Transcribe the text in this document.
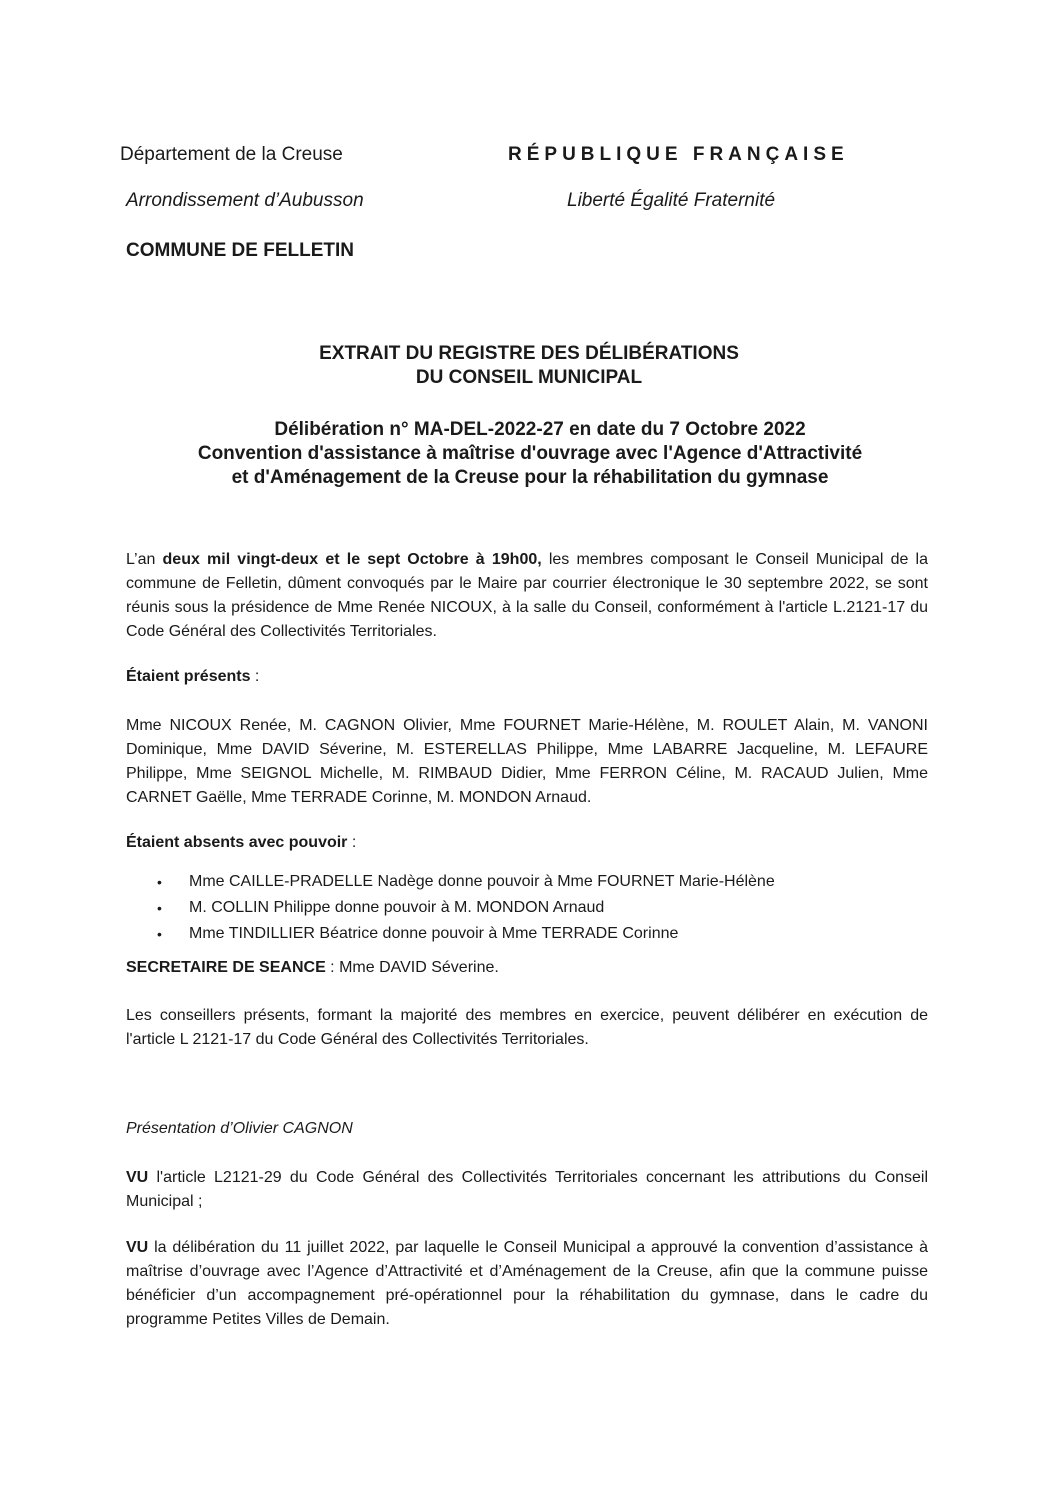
Département de la Creuse
Arrondissement d’Aubusson
COMMUNE DE FELLETIN
RÉPUBLIQUE FRANÇAISE
Liberté Égalité Fraternité
EXTRAIT DU REGISTRE DES DÉLIBÉRATIONS
DU CONSEIL MUNICIPAL
Délibération n° MA-DEL-2022-27 en date du 7 Octobre 2022
Convention d'assistance à maîtrise d'ouvrage avec l'Agence d'Attractivité
et d'Aménagement de la Creuse pour la réhabilitation du gymnase
L’an deux mil vingt-deux et le sept Octobre à 19h00, les membres composant le Conseil Municipal de la commune de Felletin, dûment convoqués par le Maire par courrier électronique le 30 septembre 2022, se sont réunis sous la présidence de Mme Renée NICOUX, à la salle du Conseil, conformément à l'article L.2121-17 du Code Général des Collectivités Territoriales.
Étaient présents :
Mme NICOUX Renée, M. CAGNON Olivier, Mme FOURNET Marie-Hélène, M. ROULET Alain, M. VANONI Dominique, Mme DAVID Séverine, M. ESTERELLAS Philippe, Mme LABARRE Jacqueline, M. LEFAURE Philippe, Mme SEIGNOL Michelle, M. RIMBAUD Didier, Mme FERRON Céline, M. RACAUD Julien, Mme CARNET Gaëlle, Mme TERRADE Corinne, M. MONDON Arnaud.
Étaient absents avec pouvoir :
• Mme CAILLE-PRADELLE Nadège donne pouvoir à Mme FOURNET Marie-Hélène
• M. COLLIN Philippe donne pouvoir à M. MONDON Arnaud
• Mme TINDILLIER Béatrice donne pouvoir à Mme TERRADE Corinne
SECRETAIRE DE SEANCE : Mme DAVID Séverine.
Les conseillers présents, formant la majorité des membres en exercice, peuvent délibérer en exécution de l'article L 2121-17 du Code Général des Collectivités Territoriales.
Présentation d’Olivier CAGNON
VU l'article L2121-29 du Code Général des Collectivités Territoriales concernant les attributions du Conseil Municipal ;
VU la délibération du 11 juillet 2022, par laquelle le Conseil Municipal a approuvé la convention d’assistance à maîtrise d’ouvrage avec l’Agence d’Attractivité et d’Aménagement de la Creuse, afin que la commune puisse bénéficier d’un accompagnement pré-opérationnel pour la réhabilitation du gymnase, dans le cadre du programme Petites Villes de Demain.
